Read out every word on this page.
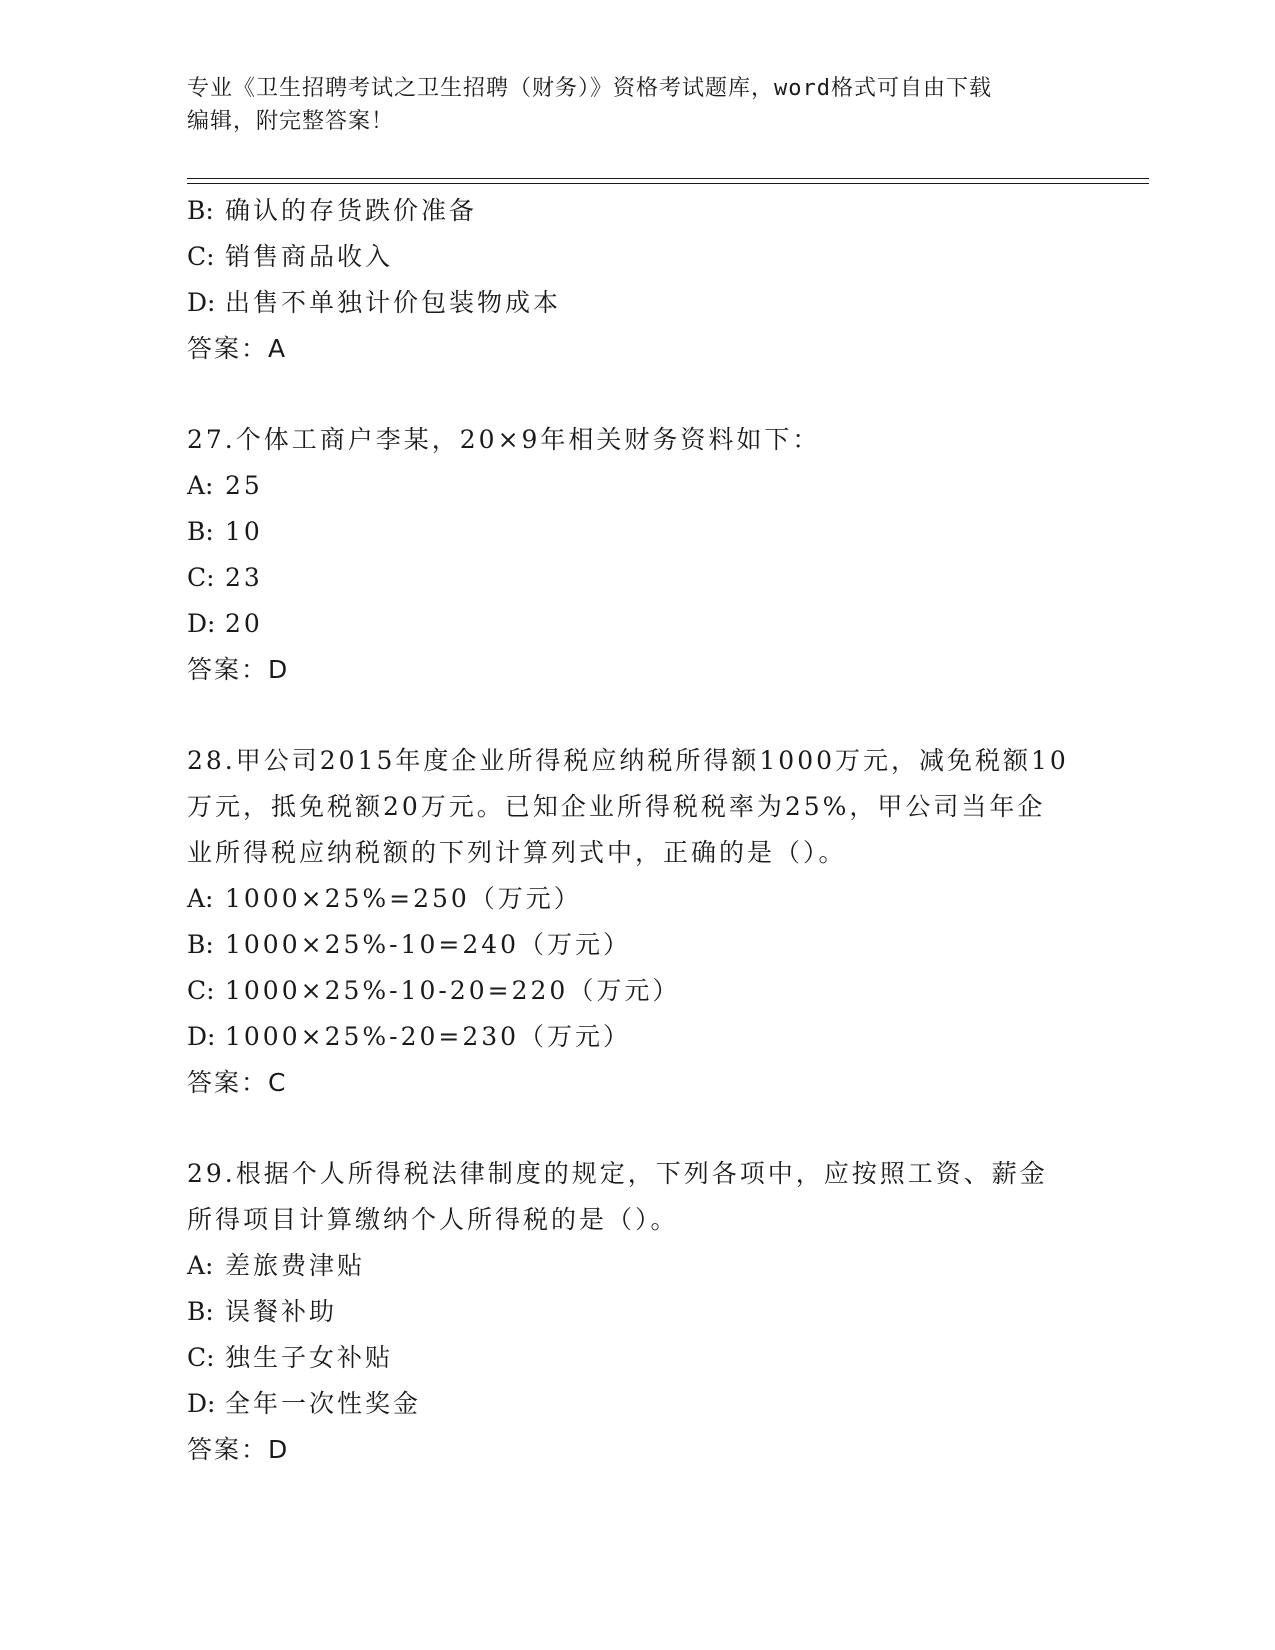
专业《卫生招聘考试之卫生招聘（财务）》资格考试题库，word格式可自由下载
编辑，附完整答案！
B: 确认的存货跌价准备
C: 销售商品收入
D: 出售不单独计价包装物成本
答案：A
27.个体工商户李某，20×9年相关财务资料如下：
A: 25
B: 10
C: 23
D: 20
答案：D
28.甲公司2015年度企业所得税应纳税所得额1000万元，减免税额10
万元，抵免税额20万元。已知企业所得税税率为25%，甲公司当年企
业所得税应纳税额的下列计算列式中，正确的是（）。
A: 1000×25%=250（万元）
B: 1000×25%-10=240（万元）
C: 1000×25%-10-20=220（万元）
D: 1000×25%-20=230（万元）
答案：C
29.根据个人所得税法律制度的规定，下列各项中，应按照工资、薪金
所得项目计算缴纳个人所得税的是（）。
A: 差旅费津贴
B: 误餐补助
C: 独生子女补贴
D: 全年一次性奖金
答案：D
